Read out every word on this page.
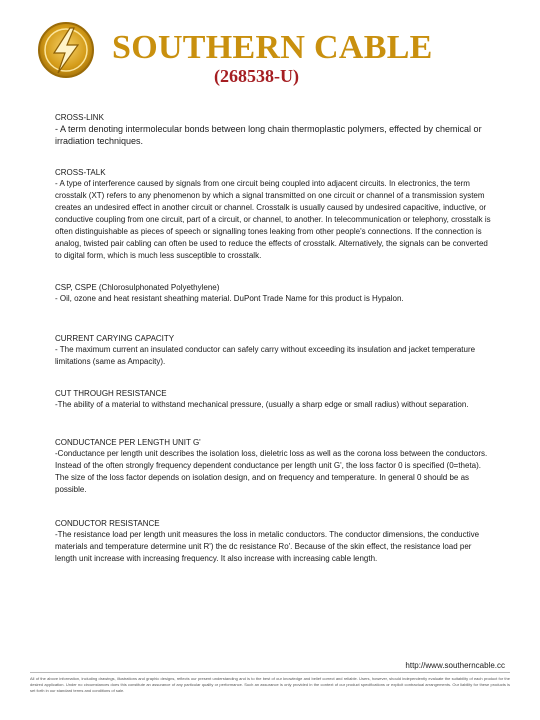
SOUTHERN CABLE
(268538-U)

CROSS-LINK

- A term denoting intermolecular bonds between long chain thermoplastic polymers, effected by chemical or irradiation techniques.

CROSS-TALK

- A type of interference caused by signals from one circuit being coupled into adjacent circuits. In electronics, the term crosstalk (XT) refers to any phenomenon by which a signal transmitted on one circuit or channel of a transmission system creates an undesired effect in another circuit or channel. Crosstalk is usually caused by undesired capacitive, inductive, or conductive coupling from one circuit, part of a circuit, or channel, to another. In telecommunication or telephony, crosstalk is often distinguishable as pieces of speech or signalling tones leaking from other people's connections. If the connection is analog, twisted pair cabling can often be used to reduce the effects of crosstalk. Alternatively, the signals can be converted to digital form, which is much less susceptible to crosstalk.

CSP, CSPE (Chlorosulphonated Polyethylene)

- Oil, ozone and heat resistant sheathing material. DuPont Trade Name for this product is Hypalon.

CURRENT CARYING CAPACITY

- The maximum current an insulated conductor can safely carry without exceeding its insulation and jacket temperature limitations (same as Ampacity).

CUT THROUGH RESISTANCE

-The ability of a material to withstand mechanical pressure, (usually a sharp edge or small radius) without separation.

CONDUCTANCE PER LENGTH UNIT G'

-Conductance per length unit describes the isolation loss, dieletric loss as well as the corona loss between the conductors. Instead of the often strongly frequency dependent conductance per length unit G', the loss factor 0 is specified (0=theta). The size of the loss factor depends on isolation design, and on frequency and temperature. In general 0 should be as possible.

CONDUCTOR RESISTANCE

-The resistance load per length unit measures the loss in metalic conductors. The conductor dimensions, the conductive materials and temperature determine unit R') the dc resistance Ro'. Because of the skin effect, the resistance load per length unit increase with increasing frequency. It also increase with increasing cable length.

http://www.southerncable.cc
All of the above information, including drawings, illustrations and graphic designs, reflects our present understanding and is to the best of our knowledge and belief correct and reliable. Users, however, should independently evaluate the suitability of each product for the desired application. Under no circumstances does this constitute an assurance of any particular quality or performance. Such an assurance is only provided in the context of our product specifications or explicit contractual arrangements. Our liability for these products is set forth in our standard terms and conditions of sale.
